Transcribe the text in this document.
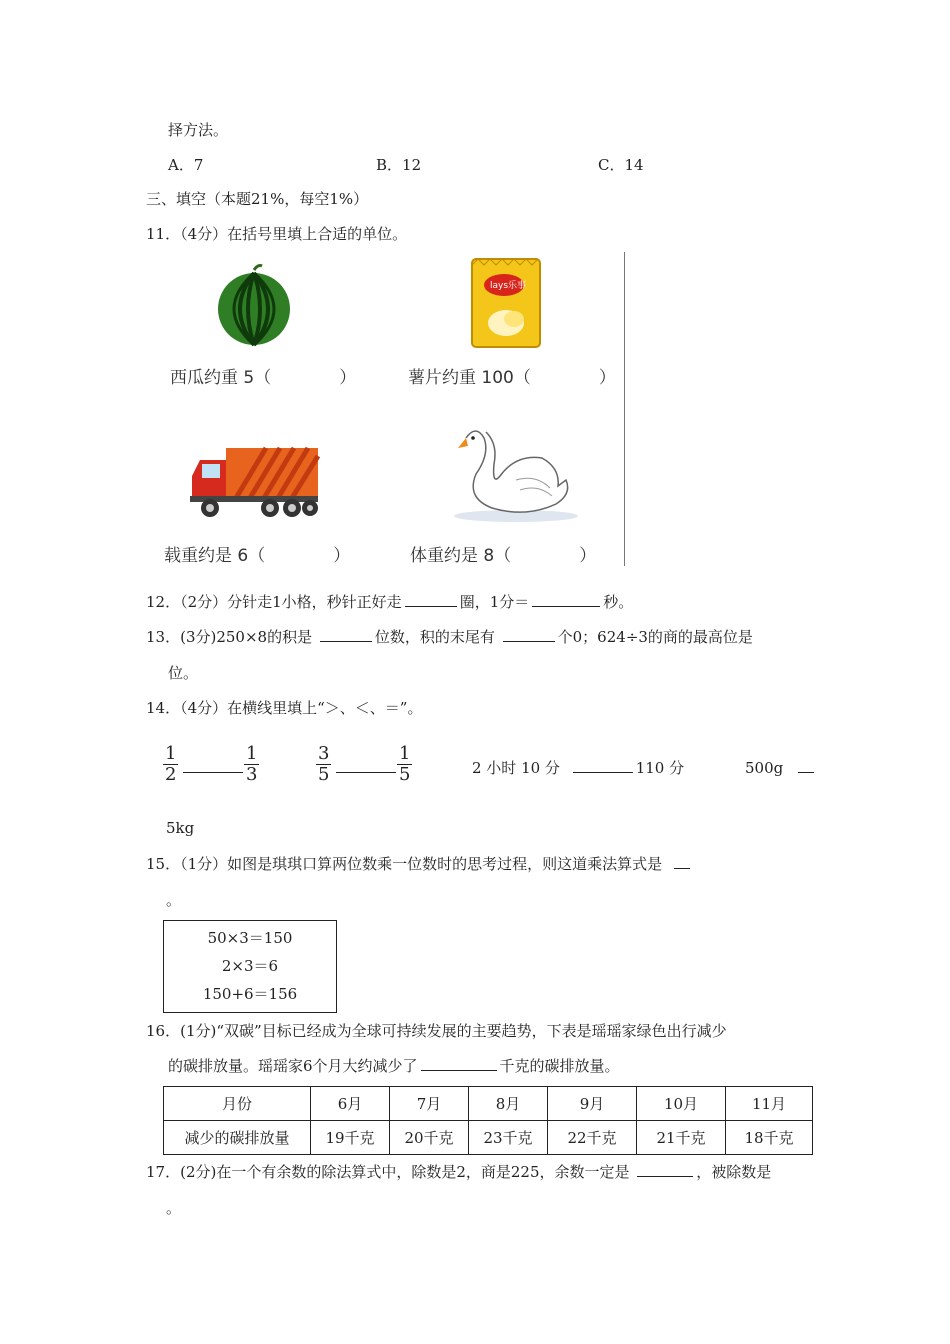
择方法。
A．7	B．12	C．14
三、填空（本题21%，每空1%）
11．（4分）在括号里填上合适的单位。
lays乐事
西瓜约重 5（　　　　）	薯片约重 100（　　　　）
载重约是 6（　　　　）	体重约是 8（　　　　）
12．（2分）分针走1小格，秒针正好走	圈，1分＝	秒。
13．(3分)250×8的积是	位数，积的末尾有	个0；624÷3的商的最高位是
位。
14．（4分）在横线里填上“＞、＜、＝”。
$\frac{1}{2}$	$\frac{1}{3}$	$\frac{3}{5}$	$\frac{1}{5}$	2 小时 10 分	110 分	500g
5kg
15．（1分）如图是琪琪口算两位数乘一位数时的思考过程，则这道乘法算式是
。
50×3＝150
2×3＝6
150+6＝156
16．(1分)“双碳”目标已经成为全球可持续发展的主要趋势，下表是瑶瑶家绿色出行减少
的碳排放量。瑶瑶家6个月大约减少了	千克的碳排放量。
月份	6月	7月	8月	9月	10月	11月
减少的碳排放量	19千克	20千克	23千克	22千克	21千克	18千克
17．(2分)在一个有余数的除法算式中，除数是2，商是225，余数一定是	，被除数是
。
